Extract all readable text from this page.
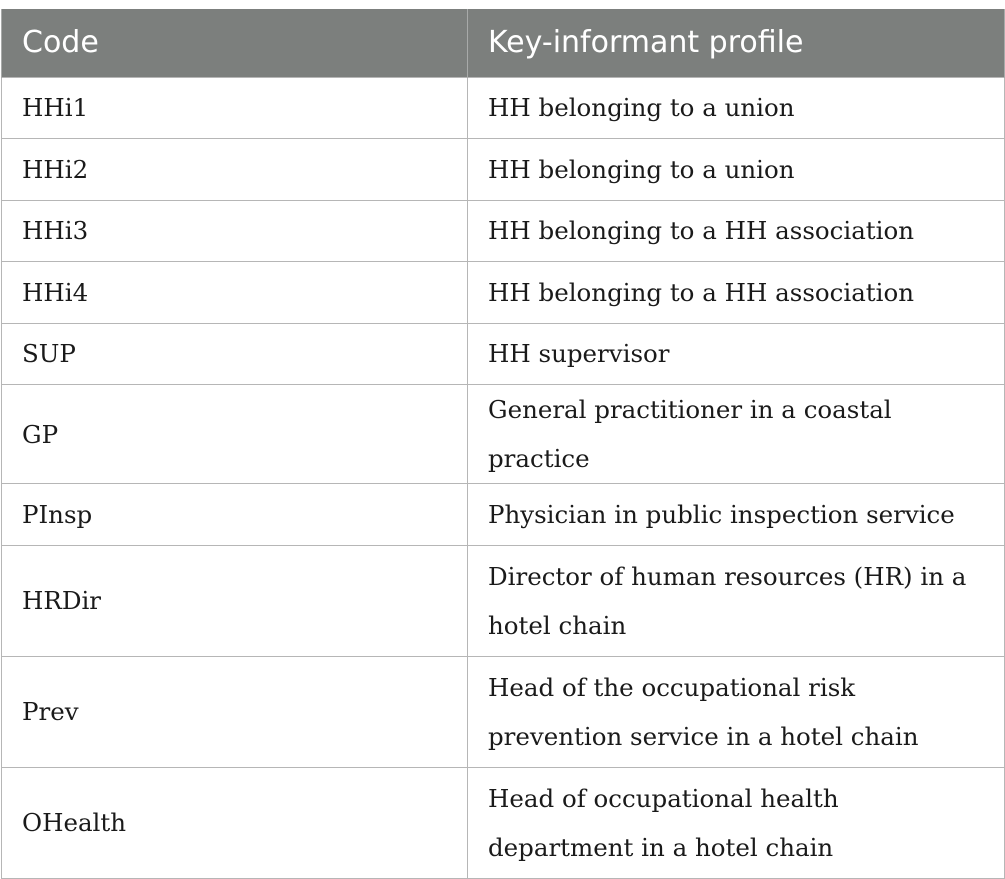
Code	Key-informant profile
HHi1	HH belonging to a union
HHi2	HH belonging to a union
HHi3	HH belonging to a HH association
HHi4	HH belonging to a HH association
SUP	HH supervisor
GP	General practitioner in a coastal practice
PInsp	Physician in public inspection service
HRDir	Director of human resources (HR) in a hotel chain
Prev	Head of the occupational risk prevention service in a hotel chain
OHealth	Head of occupational health department in a hotel chain
